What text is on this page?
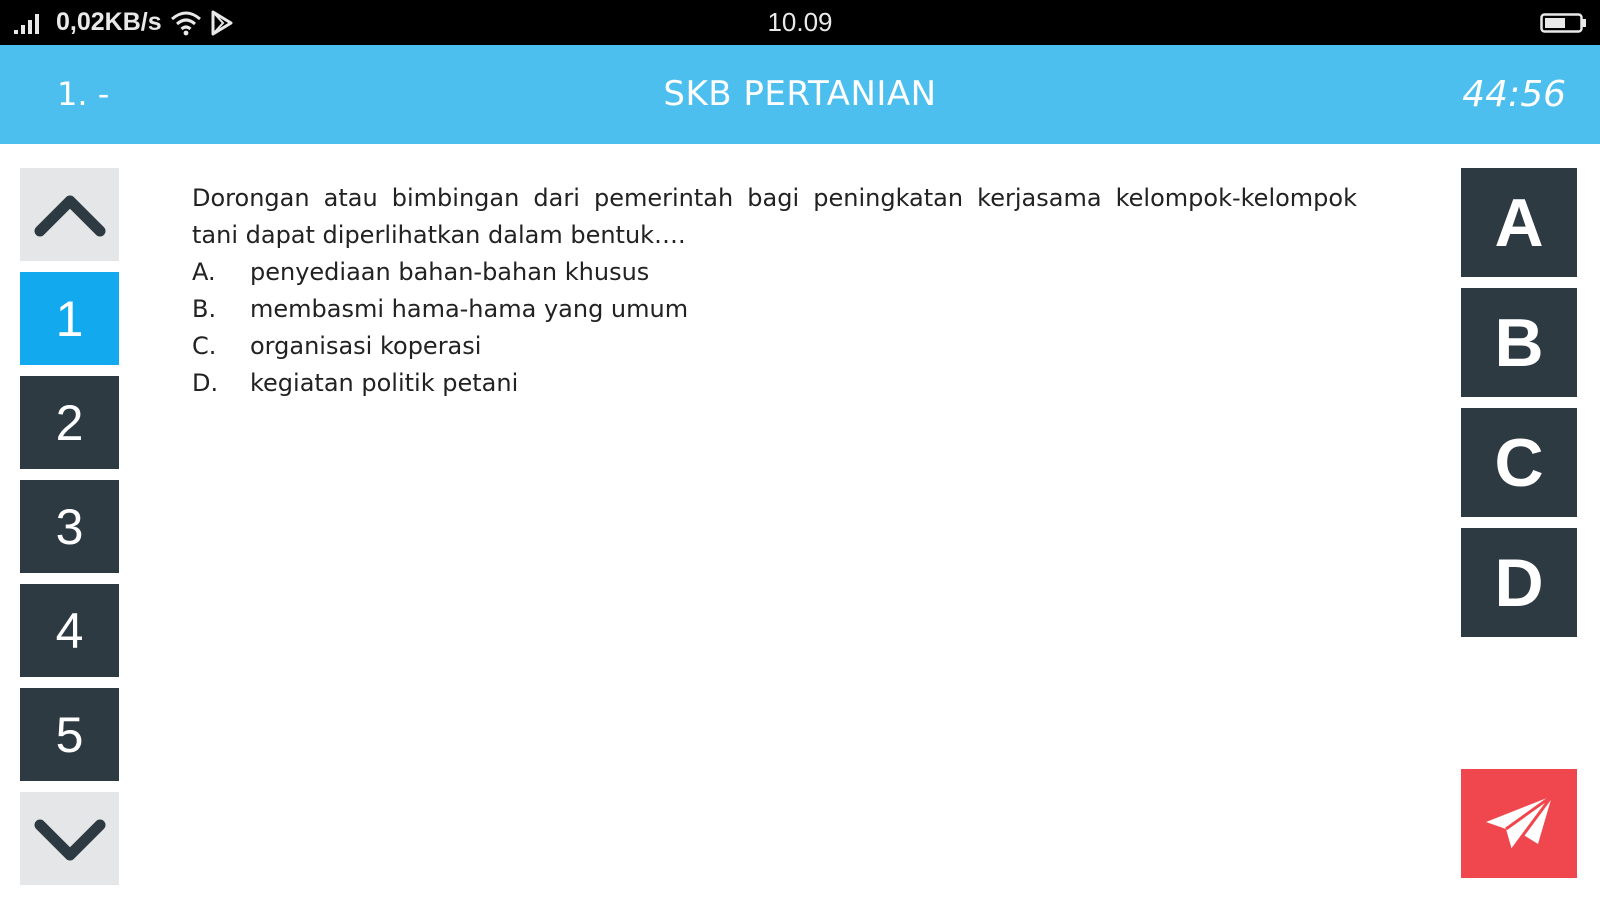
0,02KB/s	10.09
1. -	SKB PERTANIAN	44:56
1
2
3
4
5

Dorongan atau bimbingan dari pemerintah bagi peningkatan kerjasama kelompok-kelompok tani dapat diperlihatkan dalam bentuk….

A.	penyediaan bahan-bahan khusus
B.	membasmi hama-hama yang umum
C.	organisasi koperasi
D.	kegiatan politik petani
A
B
C
D
